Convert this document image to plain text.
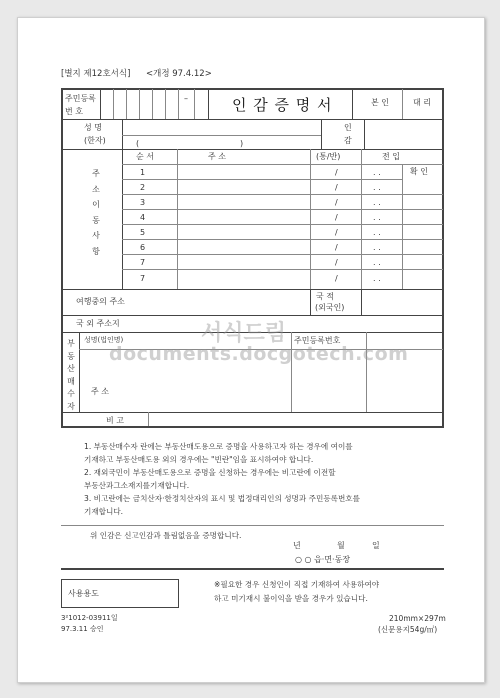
[별지 제12호서식] <개정 97.4.12>
주민등록
번 호
–	인 감 증 명 서	본 인	대 리
성 명
(한자)	(	)
인
감
주
소
이
동
사
항
순 서	주 소	(통/반)	전 입
확 인
1	/	. .
2	/	. .
3	/	. .
4	/	. .
5	/	. .
6	/	. .
7	/	. .
7	/	. .
여행중의 주소
국 적
(외국인)
국 외 주소지
부
동
산
매
수
자
성명(법인명)	주민등록번호
주 소
비 고
1. 부동산매수자 란에는 부동산매도용으로 증명을 사용하고자 하는 경우에 여이를
기재하고 부동산매도용 외의 경우에는 "빈란"임을 표시하여야 합니다.
2. 재외국민이 부동산매도용으로 증명을 신청하는 경우에는 비고란에 이전할
부동산과그소재지를기재합니다.
3. 비고란에는 금치산자·한정치산자의 표시 및 법정대리인의 성명과 주민등록번호를
기재합니다.
위 인감은 신고인감과 틀림없음을 증명합니다.
년	월	일
○ ○ 읍·면·동장
사용용도
※필요한 경우 신청인이 직접 기재하여 사용하여야
하고 미기재시 불이익을 받을 경우가 있습니다.
3²1012-03911일
97.3.11 승인
210mm×297m
(신문용지54g/㎡)
서식드림
documents.docgotech.com
